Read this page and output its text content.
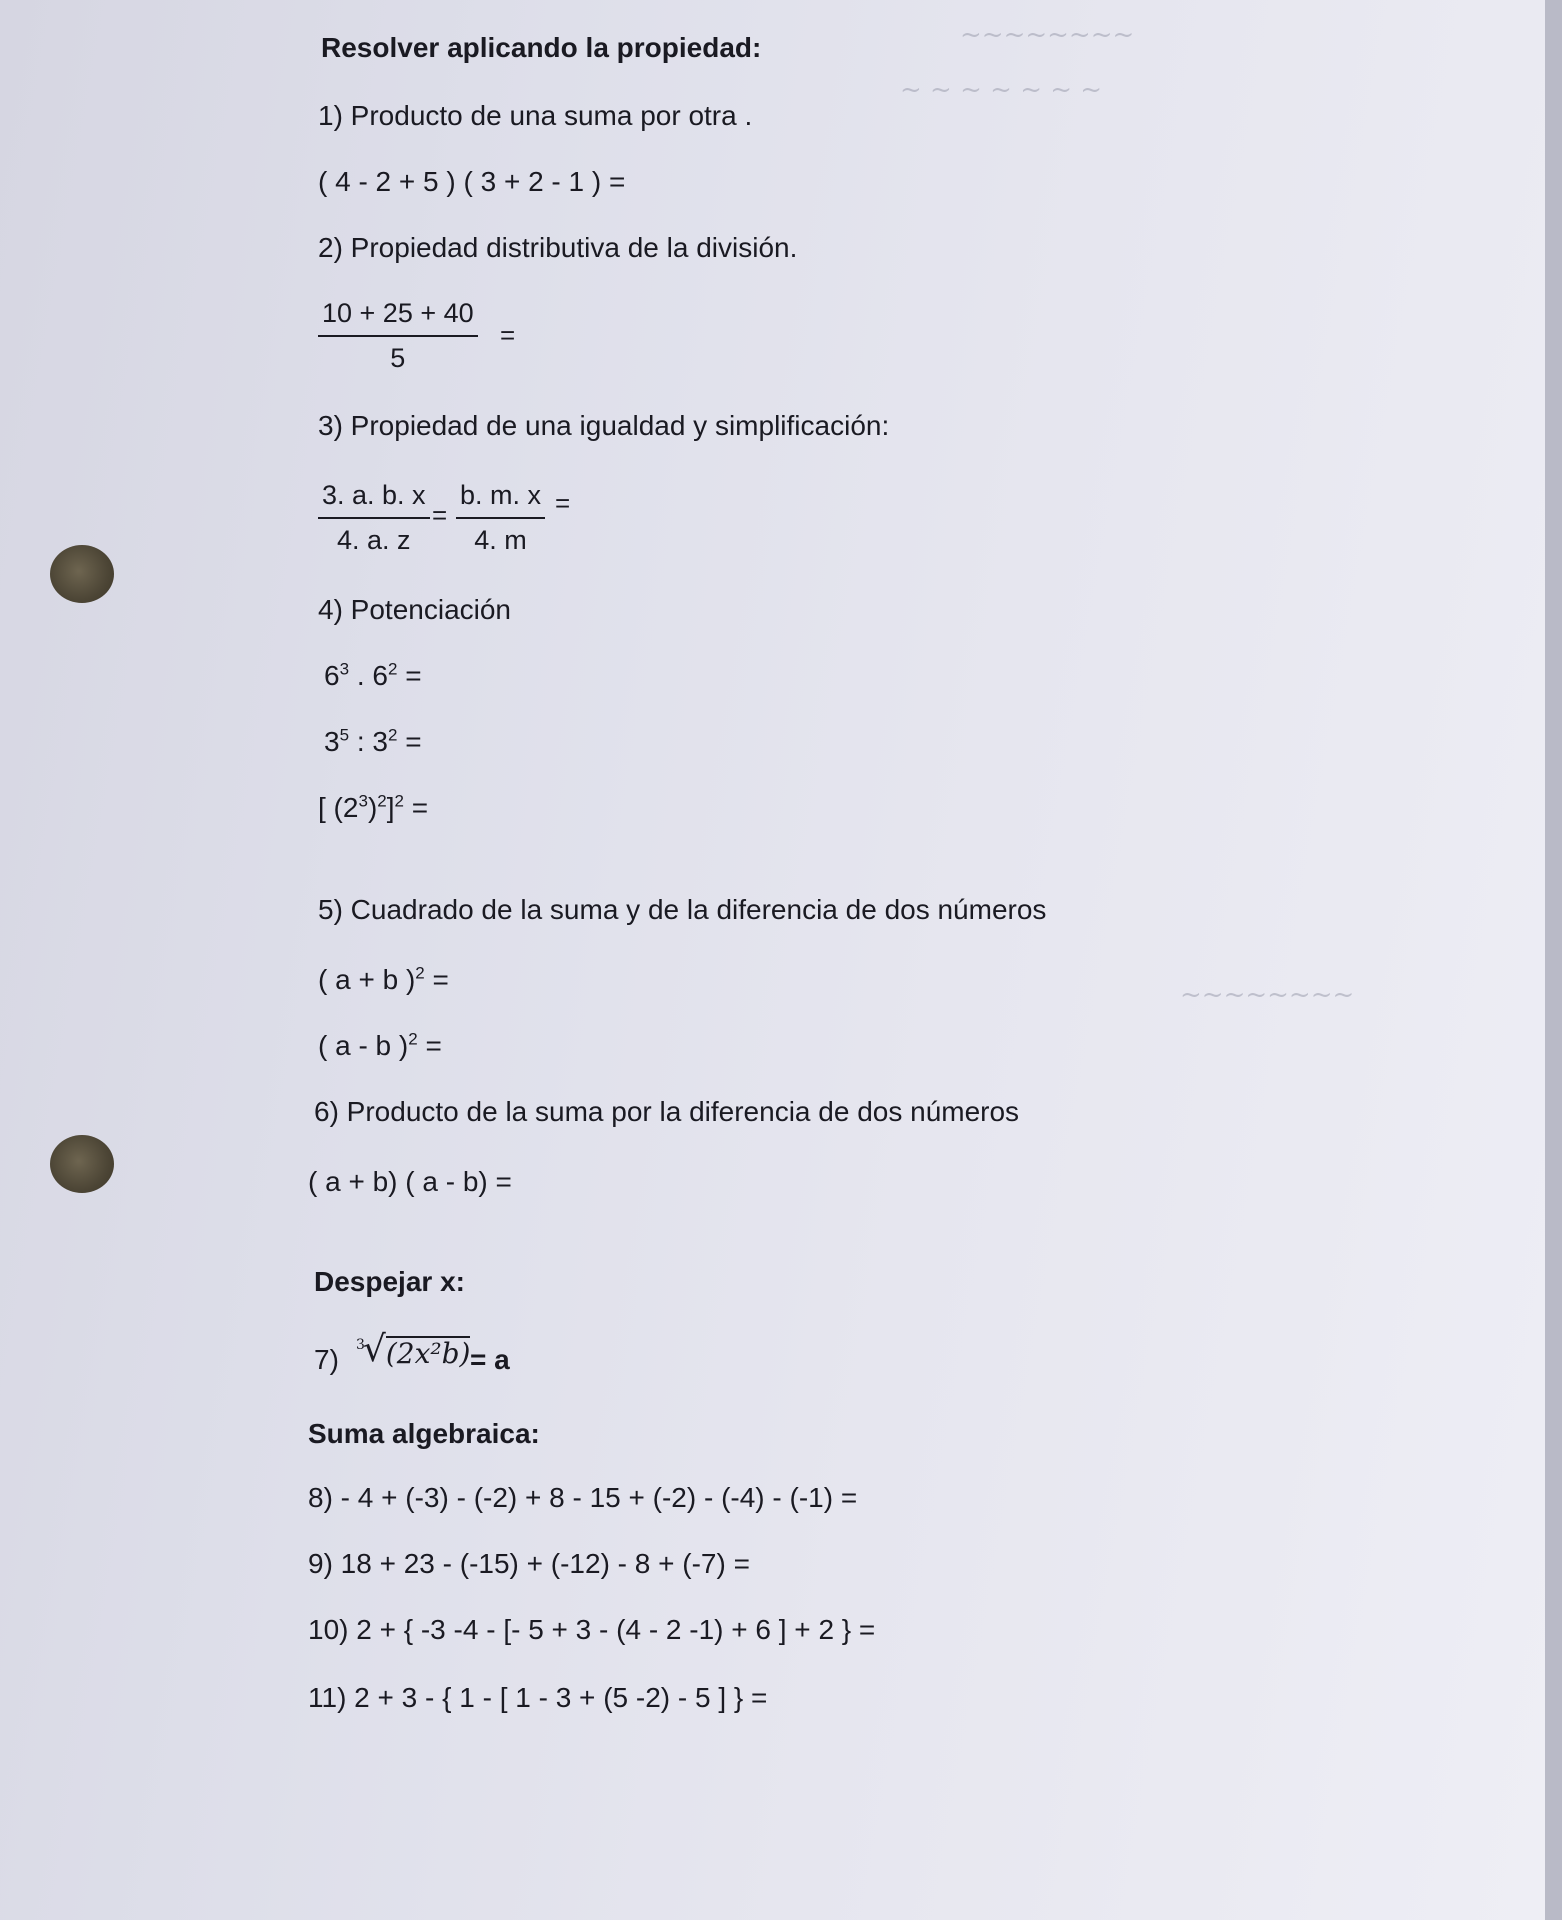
~~~~~~~~
~ ~ ~ ~ ~ ~ ~
~~~~~~~~
Resolver aplicando la propiedad:
1) Producto de una suma por otra .
( 4 - 2 + 5 ) ( 3 + 2 - 1 ) =
2) Propiedad distributiva de la división.
$\frac{10 + 25 + 40}{5}$ =
3) Propiedad de una igualdad y simplificación:
$\frac{3. a. b. x}{4. a. z} = \frac{b. m. x}{4. m}$ =
4) Potenciación
$6^3$ . $6^2$ =
$3^5$ : $3^2$ =
[ $(2^3)^2]^2$ =
5) Cuadrado de la suma y de la diferencia de dos números
( a + b )$^2$ =
( a - b )$^2$ =
6) Producto de la suma por la diferencia de dos números
( a + b) ( a - b) =
Despejar x:
7) 3
√ (2x²b) = a
Suma algebraica:
8) - 4 + (-3) - (-2) + 8 - 15 + (-2) - (-4) - (-1) =
9) 18 + 23 - (-15) + (-12) - 8 + (-7) =
10) 2 + { -3 -4 - [- 5 + 3 - (4 - 2 -1) + 6 ] + 2 } =
11) 2 + 3 - { 1 - [ 1 - 3 + (5 -2) - 5 ] } =
